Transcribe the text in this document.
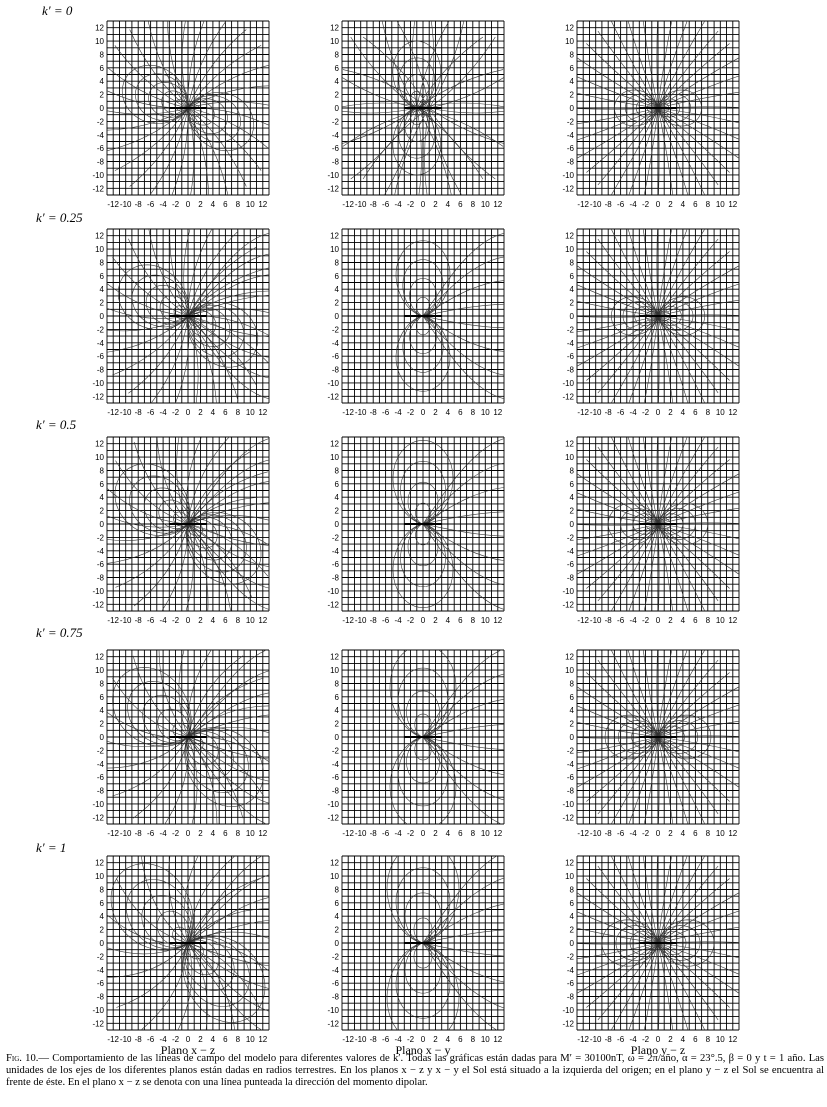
12
10
8
6
4
2
0
-2
-4
-6
-8
-10
-12
-12 -10 -8 -6 -4 -2 0 2 4 6 8 10 12
12
10
8
6
4
2
0
-2
-4
-6
-8
-10
-12
-12 -10 -8 -6 -4 -2 0 2 4 6 8 10 12
12
10
8
6
4
2
0
-2
-4
-6
-8
-10
-12
-12 -10 -8 -6 -4 -2 0 2 4 6 8 10 12
12
10
8
6
4
2
0
-2
-4
-6
-8
-10
-12
-12 -10 -8 -6 -4 -2 0 2 4 6 8 10 12
12
10
8
6
4
2
0
-2
-4
-6
-8
-10
-12
-12 -10 -8 -6 -4 -2 0 2 4 6 8 10 12
12
10
8
6
4
2
0
-2
-4
-6
-8
-10
-12
-12 -10 -8 -6 -4 -2 0 2 4 6 8 10 12
12
10
8
6
4
2
0
-2
-4
-6
-8
-10
-12
-12 -10 -8 -6 -4 -2 0 2 4 6 8 10 12
12
10
8
6
4
2
0
-2
-4
-6
-8
-10
-12
-12 -10 -8 -6 -4 -2 0 2 4 6 8 10 12
12
10
8
6
4
2
0
-2
-4
-6
-8
-10
-12
-12 -10 -8 -6 -4 -2 0 2 4 6 8 10 12
12
10
8
6
4
2
0
-2
-4
-6
-8
-10
-12
-12 -10 -8 -6 -4 -2 0 2 4 6 8 10 12
12
10
8
6
4
2
0
-2
-4
-6
-8
-10
-12
-12 -10 -8 -6 -4 -2 0 2 4 6 8 10 12
12
10
8
6
4
2
0
-2
-4
-6
-8
-10
-12
-12 -10 -8 -6 -4 -2 0 2 4 6 8 10 12
12
10
8
6
4
2
0
-2
-4
-6
-8
-10
-12
-12 -10 -8 -6 -4 -2 0 2 4 6 8 10 12
12
10
8
6
4
2
0
-2
-4
-6
-8
-10
-12
-12 -10 -8 -6 -4 -2 0 2 4 6 8 10 12
12
10
8
6
4
2
0
-2
-4
-6
-8
-10
-12
-12 -10 -8 -6 -4 -2 0 2 4 6 8 10 12
k′ = 0
k′ = 0.25
k′ = 0.5
k′ = 0.75
k′ = 1
Plano x − z	Plano x − y	Plano y − z
Fig. 10.— Comportamiento de las líneas de campo del modelo para diferentes valores de k′. Todas las gráficas están dadas para M′ = 30100nT, ω = 2π/año, α = 23°.5, β = 0 y t = 1 año. Las unidades de los ejes de los diferentes planos están dadas en radios terrestres. En los planos x − z y x − y el Sol está situado a la izquierda del origen; en el plano y − z el Sol se encuentra al frente de éste. En el plano x − z se denota con una línea punteada la dirección del momento dipolar.
